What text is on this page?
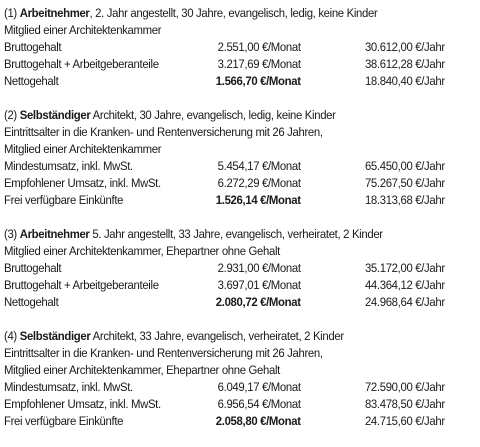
(1) Arbeitnehmer, 2. Jahr angestellt, 30 Jahre, evangelisch, ledig, keine Kinder
Mitglied einer Architektenkammer
Bruttogehalt	2.551,00 €/Monat	30.612,00 €/Jahr
Bruttogehalt + Arbeitgeberanteile	3.217,69 €/Monat	38.612,28 €/Jahr
Nettogehalt	1.566,70 €/Monat	18.840,40 €/Jahr
(2) Selbständiger Architekt, 30 Jahre, evangelisch, ledig, keine Kinder
Eintrittsalter in die Kranken- und Rentenversicherung mit 26 Jahren,
Mitglied einer Architektenkammer
Mindestumsatz, inkl. MwSt.	5.454,17 €/Monat	65.450,00 €/Jahr
Empfohlener Umsatz, inkl. MwSt.	6.272,29 €/Monat	75.267,50 €/Jahr
Frei verfügbare Einkünfte	1.526,14 €/Monat	18.313,68 €/Jahr
(3) Arbeitnehmer 5. Jahr angestellt, 33 Jahre, evangelisch, verheiratet, 2 Kinder
Mitglied einer Architektenkammer, Ehepartner ohne Gehalt
Bruttogehalt	2.931,00 €/Monat	35.172,00 €/Jahr
Bruttogehalt + Arbeitgeberanteile	3.697,01 €/Monat	44.364,12 €/Jahr
Nettogehalt	2.080,72 €/Monat	24.968,64 €/Jahr
(4) Selbständiger Architekt, 33 Jahre, evangelisch, verheiratet, 2 Kinder
Eintrittsalter in die Kranken- und Rentenversicherung mit 26 Jahren,
Mitglied einer Architektenkammer, Ehepartner ohne Gehalt
Mindestumsatz, inkl. MwSt.	6.049,17 €/Monat	72.590,00 €/Jahr
Empfohlener Umsatz, inkl. MwSt.	6.956,54 €/Monat	83.478,50 €/Jahr
Frei verfügbare Einkünfte	2.058,80 €/Monat	24.715,60 €/Jahr
